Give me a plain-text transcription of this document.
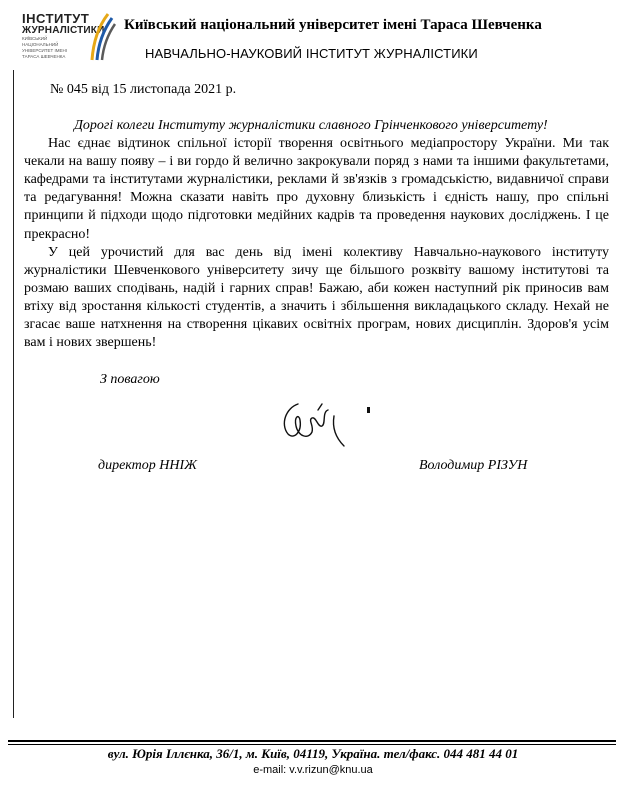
ІНСТИТУТ
ЖУРНАЛІСТИКИ
КИЇВСЬКИЙ НАЦІОНАЛЬНИЙ УНІВЕРСИТЕТ ІМЕНІ ТАРАСА ШЕВЧЕНКА
Київський національний університет імені Тараса Шевченка
НАВЧАЛЬНО-НАУКОВИЙ ІНСТИТУТ ЖУРНАЛІСТИКИ
№ 045 від 15 листопада 2021 р.

Дорогі колеги Інституту журналістики славного Грінченкового університету!

Нас єднає відтинок спільної історії творення освітнього медіапростору України. Ми так чекали на вашу появу – і ви гордо й велично закрокували поряд з нами та іншими факультетами, кафедрами та інститутами журналістики, реклами й зв'язків з громадськістю, видавничої справи та редагування! Можна сказати навіть про духовну близькість і єдність нашу, про спільні принципи й підходи щодо підготовки медійних кадрів та проведення наукових досліджень. І це прекрасно!

У цей урочистий для вас день від імені колективу Навчально-наукового інституту журналістики Шевченкового університету зичу ще більшого розквіту вашому інститутові та розмаю ваших сподівань, надій і гарних справ! Бажаю, аби кожен наступний рік приносив вам втіху від зростання кількості студентів, а значить і збільшення викладацького складу. Нехай не згасає ваше натхнення на створення цікавих освітніх програм, нових дисциплін. Здоров'я усім вам і нових звершень!

З повагою
директор ННІЖ	Володимир РІЗУН
вул. Юрія Іллєнка, 36/1, м. Київ, 04119, Україна. тел/факс. 044 481 44 01
e-mail: v.v.rizun@knu.ua
